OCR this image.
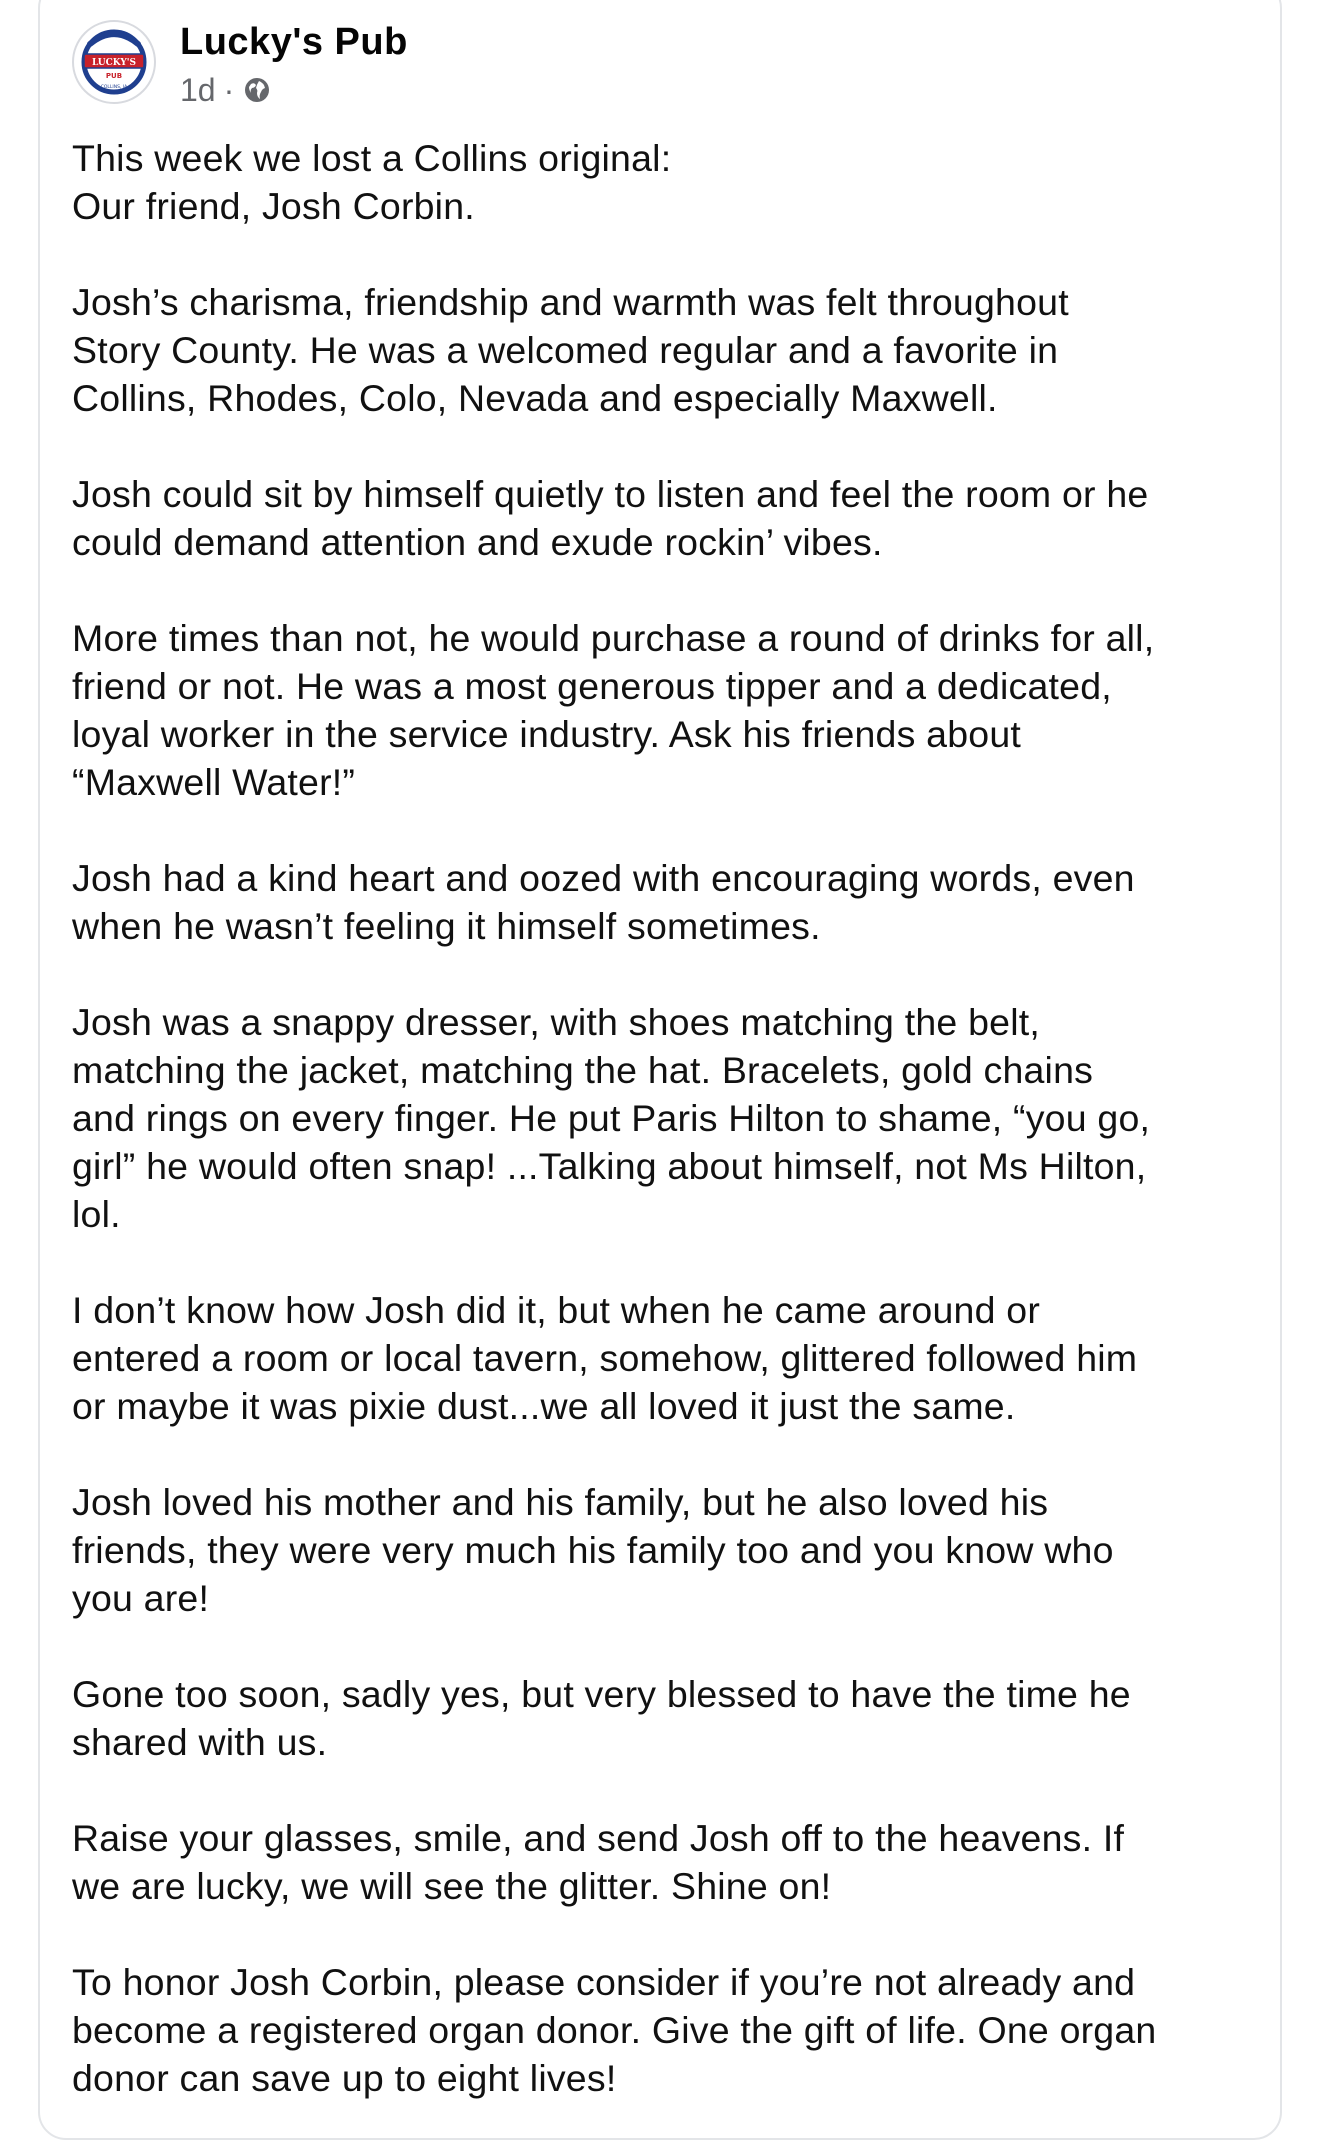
LUCKY'S
PUB
COLLINS, IA
Lucky's Pub
1d ·

This week we lost a Collins original:
Our friend, Josh Corbin.

Josh’s charisma, friendship and warmth was felt throughout
Story County. He was a welcomed regular and a favorite in
Collins, Rhodes, Colo, Nevada and especially Maxwell.

Josh could sit by himself quietly to listen and feel the room or he
could demand attention and exude rockin’ vibes.

More times than not, he would purchase a round of drinks for all,
friend or not. He was a most generous tipper and a dedicated,
loyal worker in the service industry. Ask his friends about
“Maxwell Water!”

Josh had a kind heart and oozed with encouraging words, even
when he wasn’t feeling it himself sometimes.

Josh was a snappy dresser, with shoes matching the belt,
matching the jacket, matching the hat. Bracelets, gold chains
and rings on every finger. He put Paris Hilton to shame, “you go,
girl” he would often snap! ...Talking about himself, not Ms Hilton,
lol.

I don’t know how Josh did it, but when he came around or
entered a room or local tavern, somehow, glittered followed him
or maybe it was pixie dust...we all loved it just the same.

Josh loved his mother and his family, but he also loved his
friends, they were very much his family too and you know who
you are!

Gone too soon, sadly yes, but very blessed to have the time he
shared with us.

Raise your glasses, smile, and send Josh off to the heavens. If
we are lucky, we will see the glitter. Shine on!

To honor Josh Corbin, please consider if you’re not already and
become a registered organ donor. Give the gift of life. One organ
donor can save up to eight lives!
